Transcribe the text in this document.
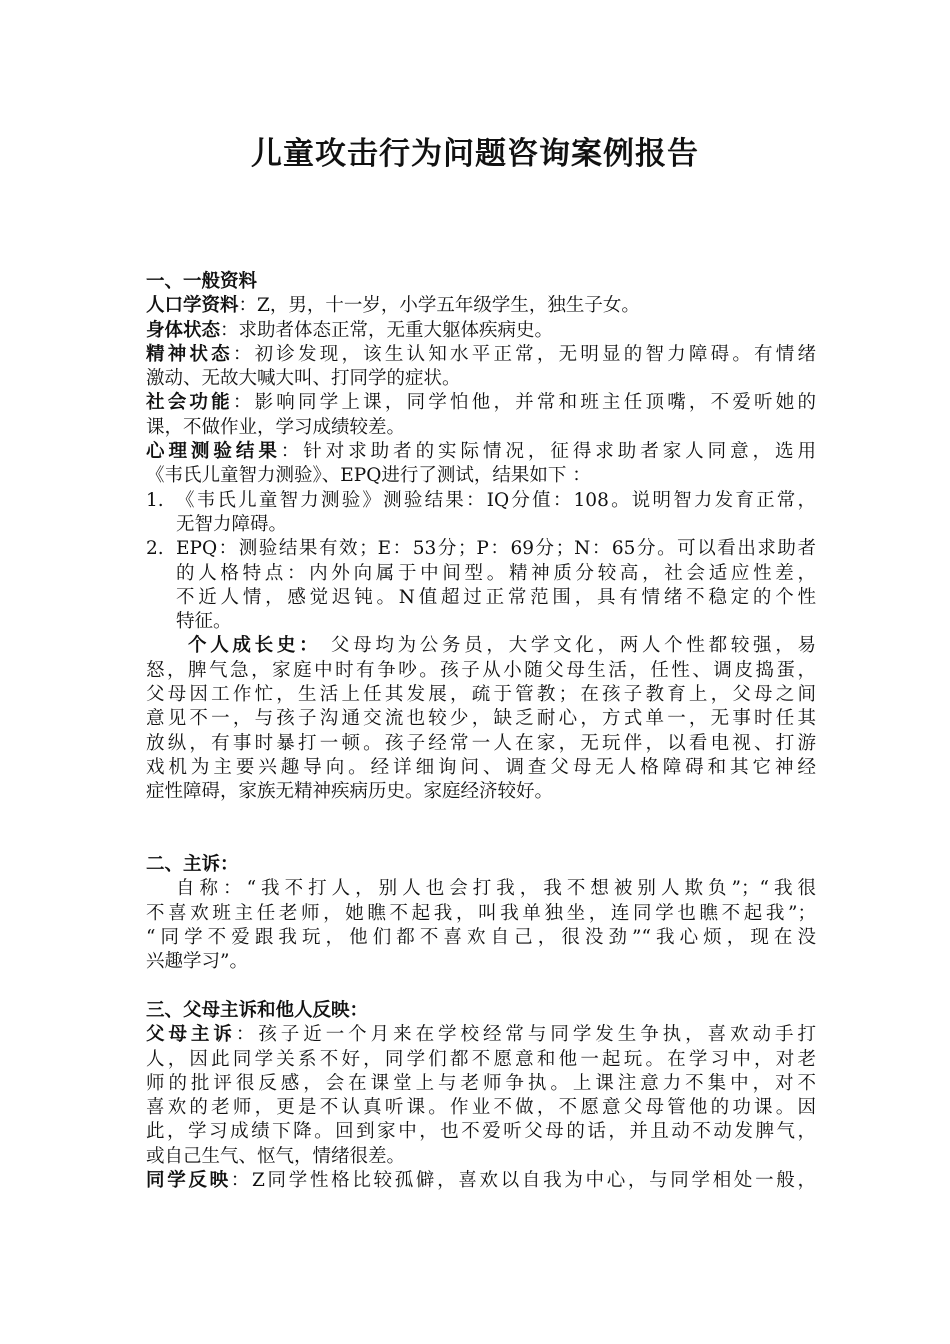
儿童攻击行为问题咨询案例报告
一、一般资料
人口学资料：Z，男，十一岁，小学五年级学生，独生子女。
身体状态：求助者体态正常，无重大躯体疾病史。
精神状态：初诊发现，该生认知水平正常，无明显的智力障碍。有情绪
激动、无故大喊大叫、打同学的症状。
社会功能：影响同学上课，同学怕他，并常和班主任顶嘴，不爱听她的
课，不做作业，学习成绩较差。
心理测验结果：针对求助者的实际情况，征得求助者家人同意，选用
《韦氏儿童智力测验》、EPQ进行了测试，结果如下 ：
1. 《韦氏儿童智力测验》测验结果：IQ分值：108。说明智力发育正常，
无智力障碍。
2. EPQ：测验结果有效；E：53分；P：69分；N：65分。可以看出求助者
的人格特点：内外向属于中间型。精神质分较高，社会适应性差，
不近人情，感觉迟钝。N值超过正常范围，具有情绪不稳定的个性
特征。
个人成长史： 父母均为公务员，大学文化，两人个性都较强，易
怒，脾气急，家庭中时有争吵。孩子从小随父母生活，任性、调皮捣蛋，
父母因工作忙，生活上任其发展，疏于管教；在孩子教育上，父母之间
意见不一，与孩子沟通交流也较少，缺乏耐心，方式单一，无事时任其
放纵，有事时暴打一顿。孩子经常一人在家，无玩伴，以看电视、打游
戏机为主要兴趣导向。经详细询问、调查父母无人格障碍和其它神经
症性障碍，家族无精神疾病历史。家庭经济较好。
二、主诉：
自称：“我不打人，别人也会打我，我不想被别人欺负”；“我很
不喜欢班主任老师，她瞧不起我，叫我单独坐，连同学也瞧不起我”；
“同学不爱跟我玩，他们都不喜欢自己，很没劲”“我心烦，现在没
兴趣学习”。
三、父母主诉和他人反映：
父母主诉：孩子近一个月来在学校经常与同学发生争执，喜欢动手打
人，因此同学关系不好，同学们都不愿意和他一起玩。在学习中，对老
师的批评很反感，会在课堂上与老师争执。上课注意力不集中，对不
喜欢的老师，更是不认真听课。作业不做，不愿意父母管他的功课。因
此，学习成绩下降。回到家中，也不爱听父母的话，并且动不动发脾气，
或自己生气、怄气，情绪很差。
同学反映：Z同学性格比较孤僻，喜欢以自我为中心，与同学相处一般，
